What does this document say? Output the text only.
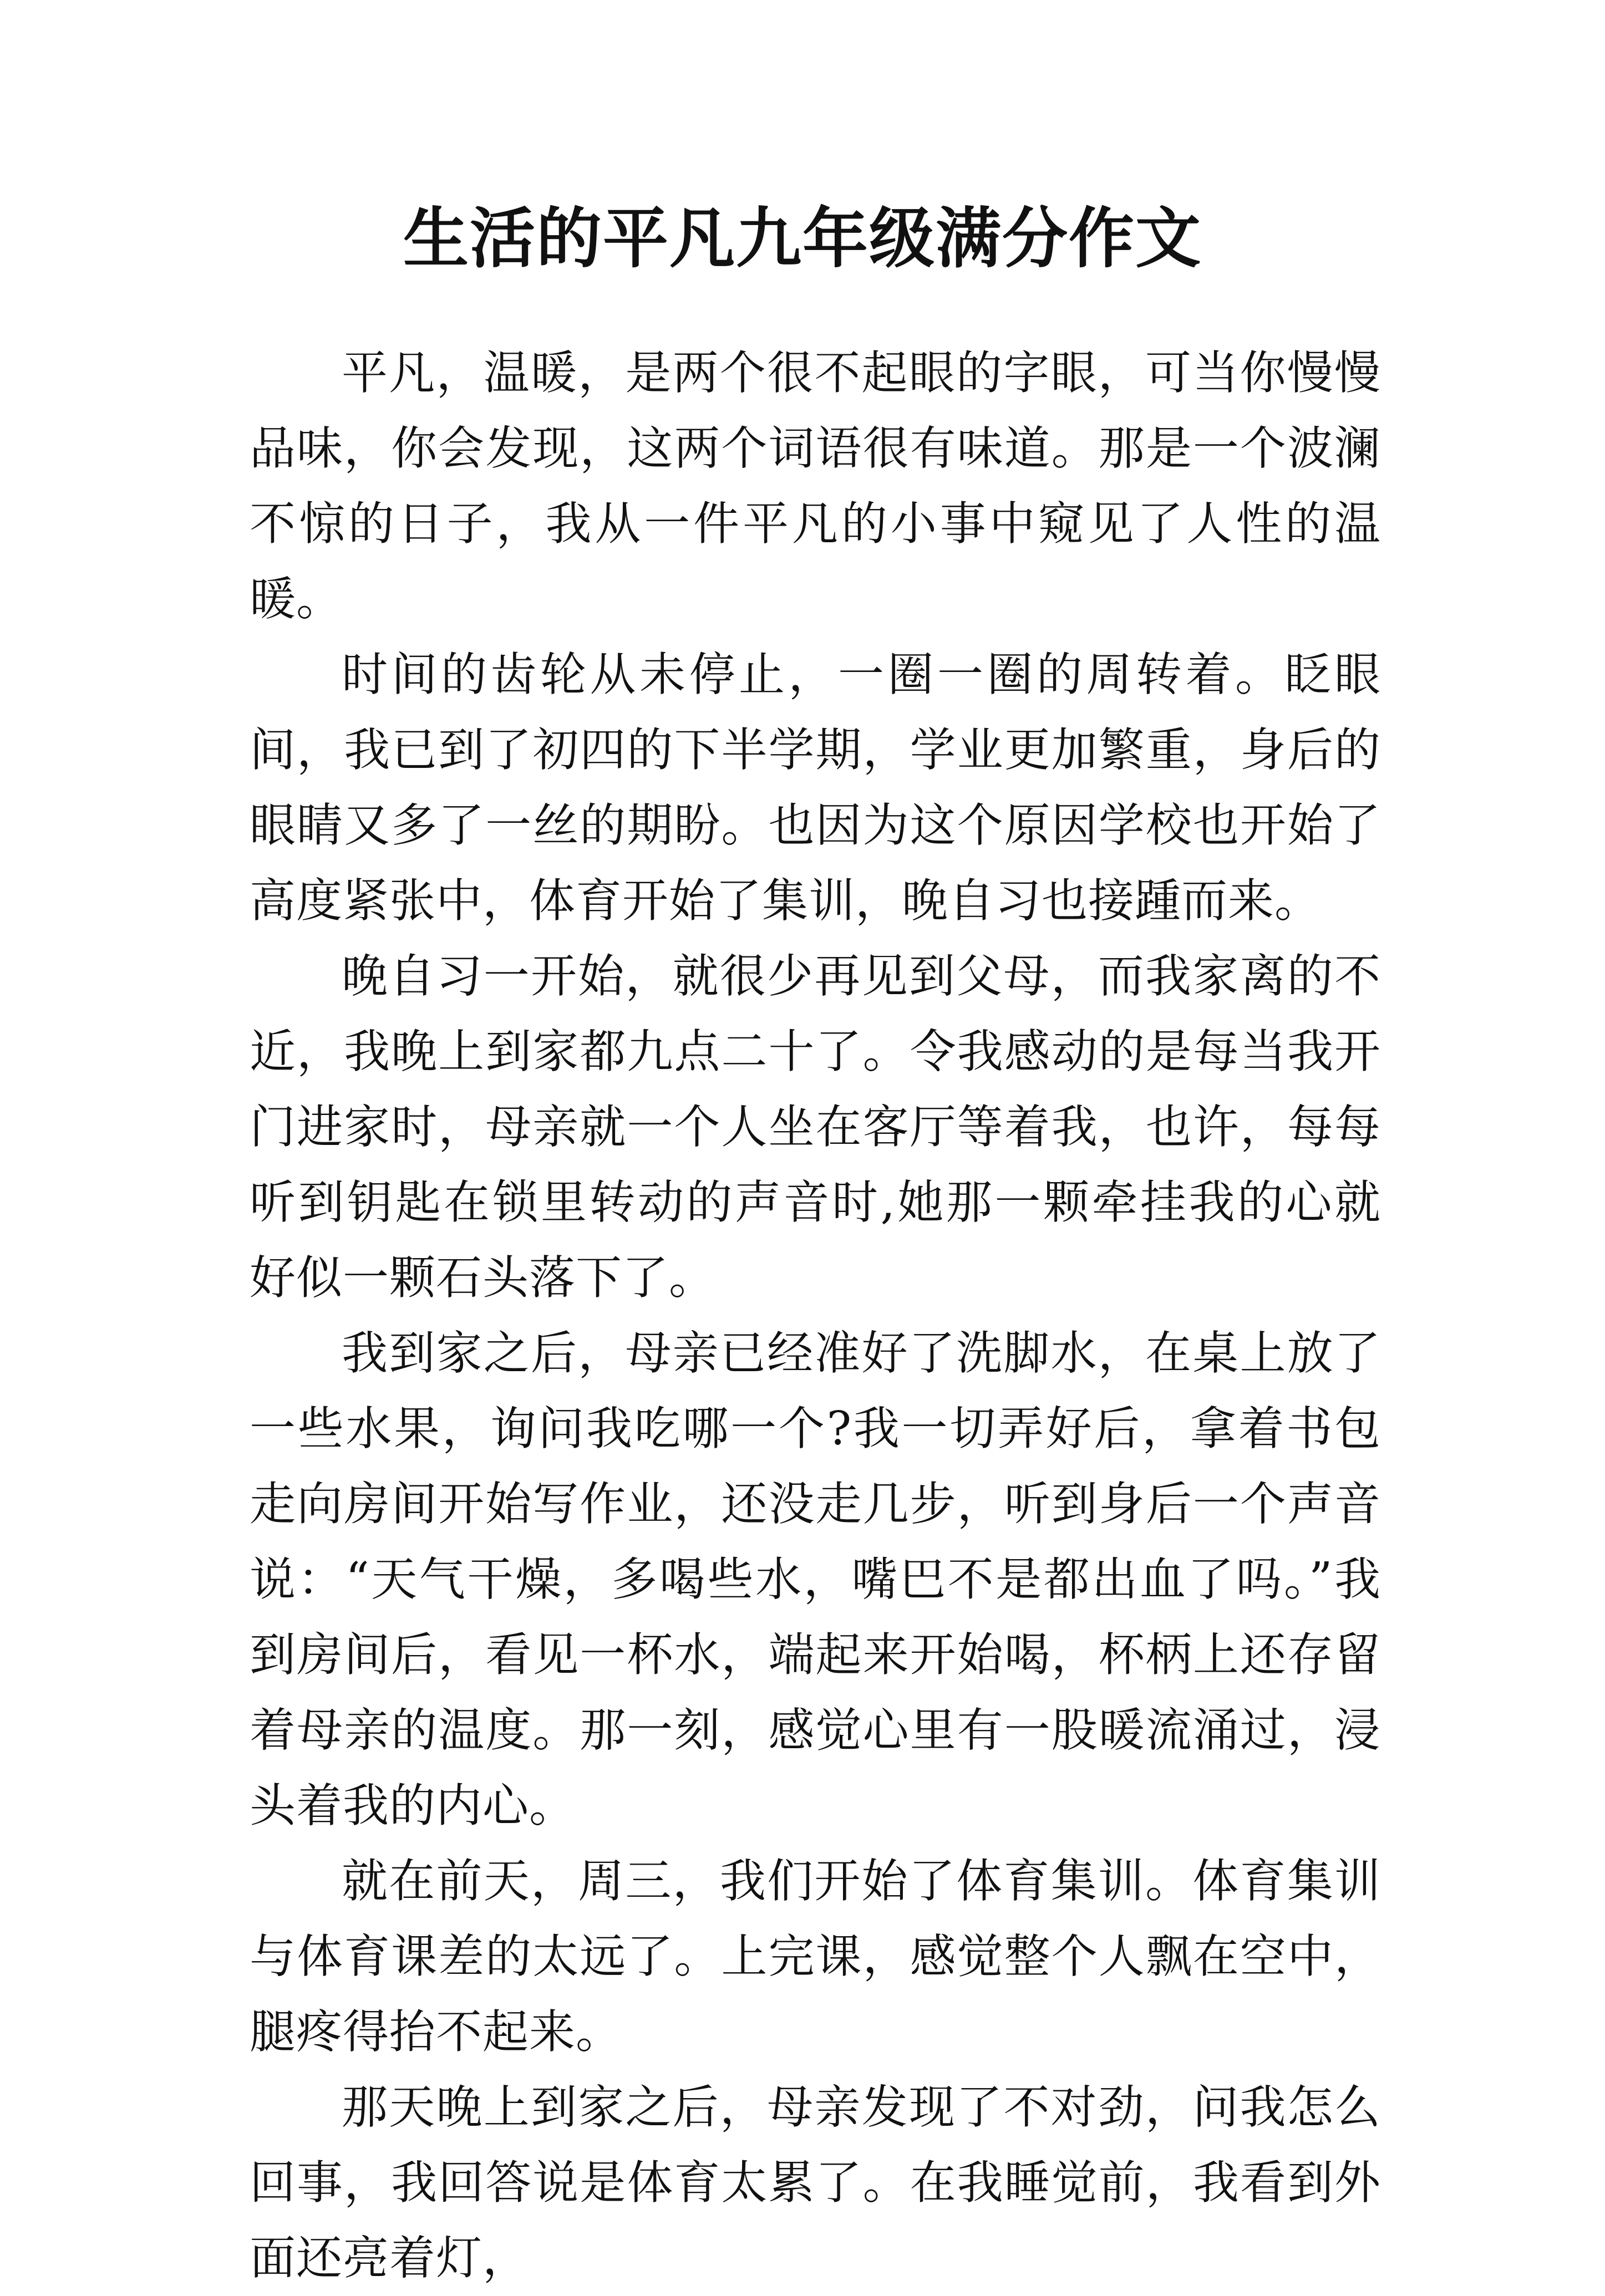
生活的平凡九年级满分作文

平凡，温暖，是两个很不起眼的字眼，可当你慢慢品味，你会发现，这两个词语很有味道。那是一个波澜不惊的日子，我从一件平凡的小事中窥见了人性的温暖。

时间的齿轮从未停止，一圈一圈的周转着。眨眼间，我已到了初四的下半学期，学业更加繁重，身后的眼睛又多了一丝的期盼。也因为这个原因学校也开始了高度紧张中，体育开始了集训，晚自习也接踵而来。

晚自习一开始，就很少再见到父母，而我家离的不近，我晚上到家都九点二十了。令我感动的是每当我开门进家时，母亲就一个人坐在客厅等着我，也许，每每听到钥匙在锁里转动的声音时,她那一颗牵挂我的心就好似一颗石头落下了。

我到家之后，母亲已经准好了洗脚水，在桌上放了一些水果，询问我吃哪一个?我一切弄好后，拿着书包走向房间开始写作业，还没走几步，听到身后一个声音说：“天气干燥，多喝些水，嘴巴不是都出血了吗。”我到房间后，看见一杯水，端起来开始喝，杯柄上还存留着母亲的温度。那一刻，感觉心里有一股暖流涌过，浸头着我的内心。

就在前天，周三，我们开始了体育集训。体育集训与体育课差的太远了。上完课，感觉整个人飘在空中，腿疼得抬不起来。

那天晚上到家之后，母亲发现了不对劲，问我怎么回事，我回答说是体育太累了。在我睡觉前，我看到外面还亮着灯，
